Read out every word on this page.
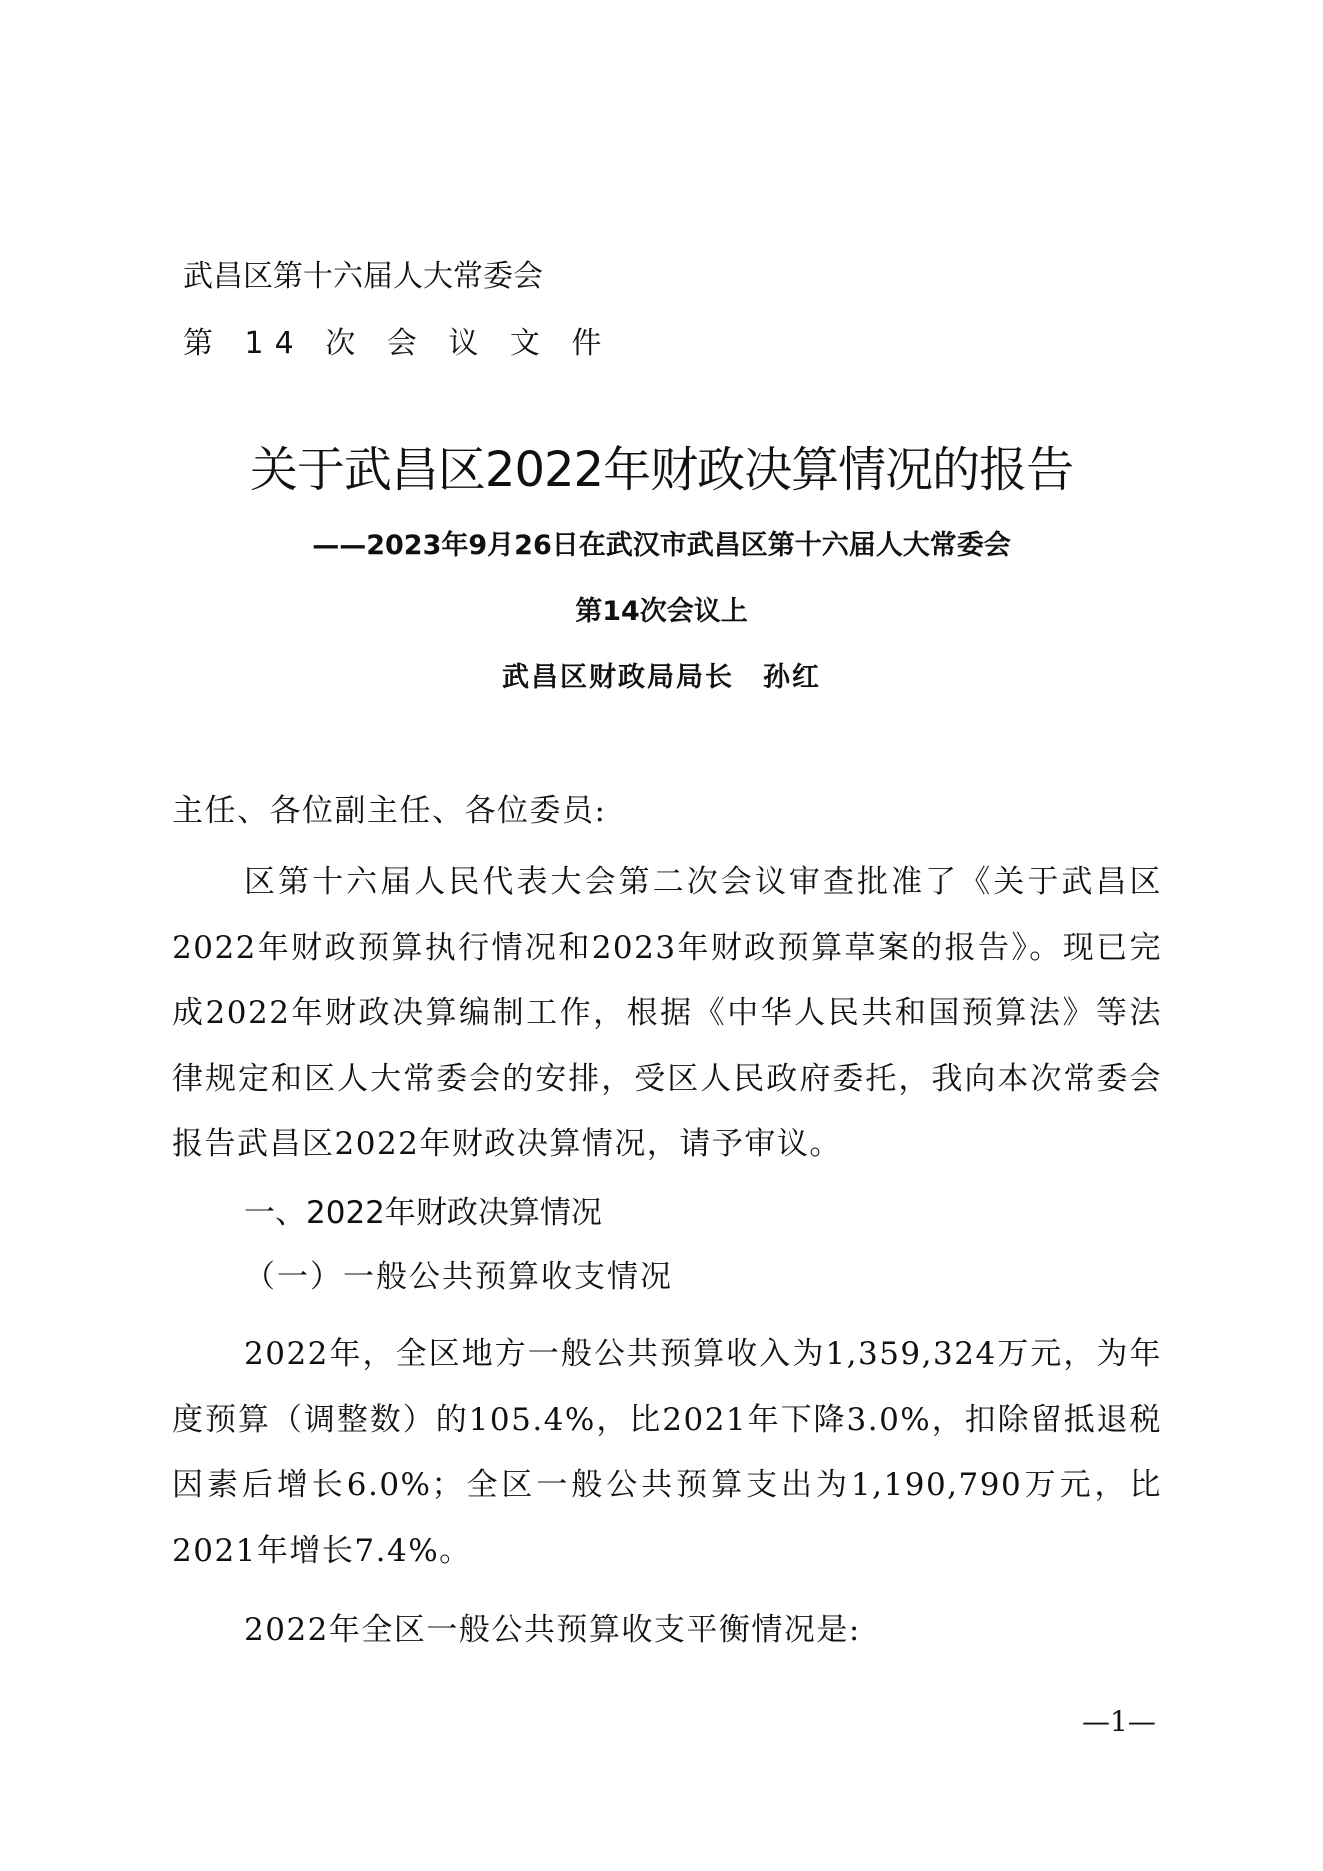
武昌区第十六届人大常委会
第 14 次 会 议 文 件
关于武昌区2022年财政决算情况的报告
——2023年9月26日在武汉市武昌区第十六届人大常委会
第14次会议上
武昌区财政局局长　孙红
主任、各位副主任、各位委员:

区第十六届人民代表大会第二次会议审查批准了《关于武昌区2022年财政预算执行情况和2023年财政预算草案的报告》。现已完成2022年财政决算编制工作，根据《中华人民共和国预算法》等法律规定和区人大常委会的安排，受区人民政府委托，我向本次常委会报告武昌区2022年财政决算情况，请予审议。

一、2022年财政决算情况
（一）一般公共预算收支情况

2022年，全区地方一般公共预算收入为1,359,324万元，为年度预算（调整数）的105.4%，比2021年下降3.0%，扣除留抵退税因素后增长6.0%；全区一般公共预算支出为1,190,790万元，比2021年增长7.4%。

2022年全区一般公共预算收支平衡情况是:

—1—
